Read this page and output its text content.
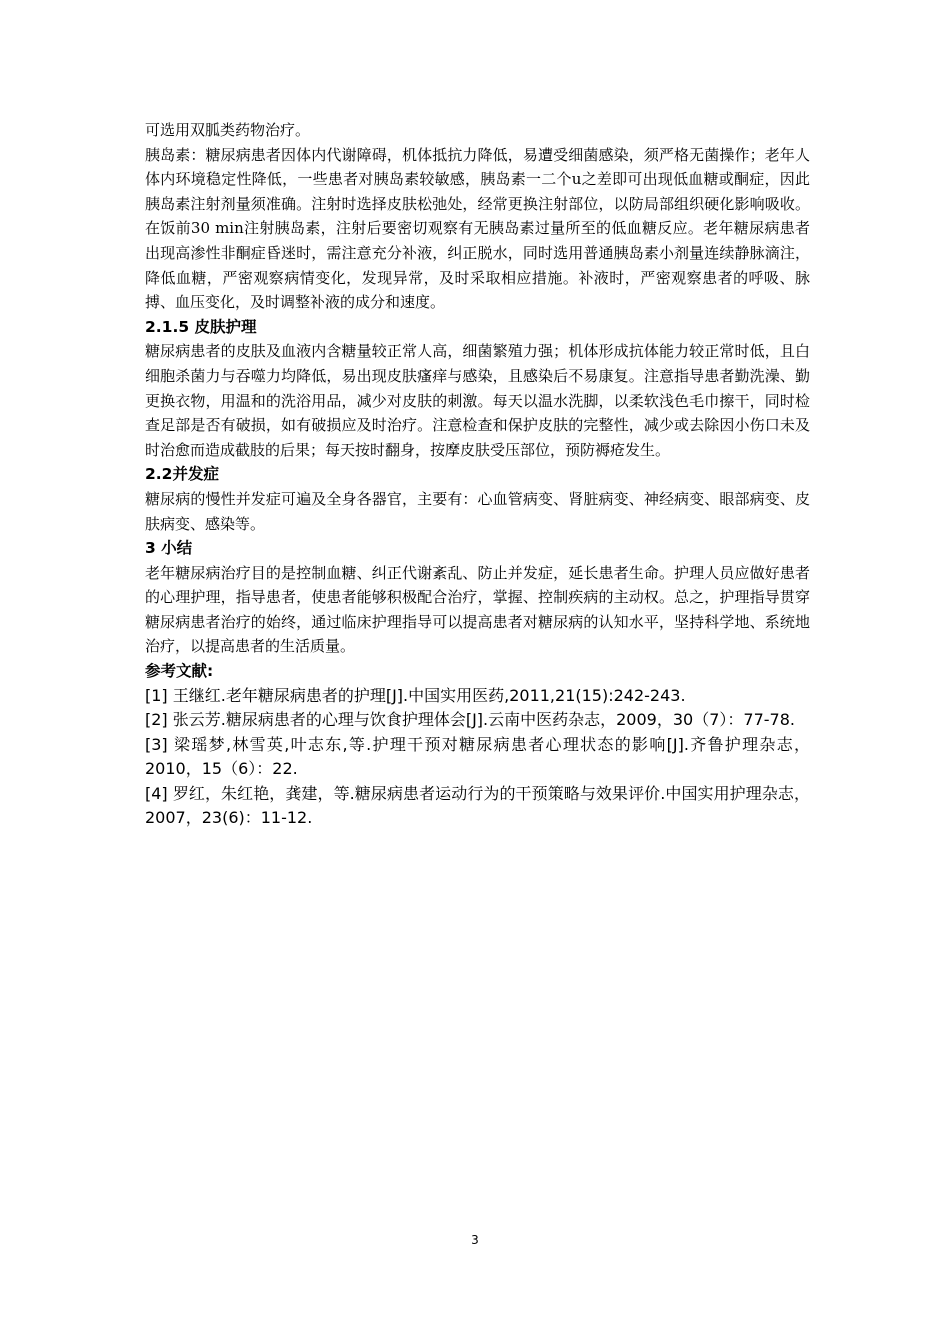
可选用双胍类药物治疗。

胰岛素：糖尿病患者因体内代谢障碍，机体抵抗力降低，易遭受细菌感染，须严格无菌操作；老年人体内环境稳定性降低，一些患者对胰岛素较敏感，胰岛素一二个u之差即可出现低血糖或酮症，因此胰岛素注射剂量须准确。注射时选择皮肤松弛处，经常更换注射部位，以防局部组织硬化影响吸收。在饭前30 min注射胰岛素，注射后要密切观察有无胰岛素过量所至的低血糖反应。老年糖尿病患者出现高渗性非酮症昏迷时，需注意充分补液，纠正脱水，同时选用普通胰岛素小剂量连续静脉滴注，降低血糖，严密观察病情变化，发现异常，及时采取相应措施。补液时，严密观察患者的呼吸、脉搏、血压变化，及时调整补液的成分和速度。

2.1.5 皮肤护理

糖尿病患者的皮肤及血液内含糖量较正常人高，细菌繁殖力强；机体形成抗体能力较正常时低，且白细胞杀菌力与吞噬力均降低，易出现皮肤瘙痒与感染，且感染后不易康复。注意指导患者勤洗澡、勤更换衣物，用温和的洗浴用品，减少对皮肤的刺激。每天以温水洗脚，以柔软浅色毛巾擦干，同时检查足部是否有破损，如有破损应及时治疗。注意检查和保护皮肤的完整性，减少或去除因小伤口未及时治愈而造成截肢的后果；每天按时翻身，按摩皮肤受压部位，预防褥疮发生。

2.2并发症

糖尿病的慢性并发症可遍及全身各器官，主要有：心血管病变、肾脏病变、神经病变、眼部病变、皮肤病变、感染等。

3 小结

老年糖尿病治疗目的是控制血糖、纠正代谢紊乱、防止并发症，延长患者生命。护理人员应做好患者的心理护理，指导患者，使患者能够积极配合治疗，掌握、控制疾病的主动权。总之，护理指导贯穿糖尿病患者治疗的始终，通过临床护理指导可以提高患者对糖尿病的认知水平，坚持科学地、系统地治疗，以提高患者的生活质量。

参考文献:

[1] 王继红.老年糖尿病患者的护理[J].中国实用医药,2011,21(15):242-243.

[2] 张云芳.糖尿病患者的心理与饮食护理体会[J].云南中医药杂志，2009，30（7）：77-78.

[3] 梁瑶梦,林雪英,叶志东,等.护理干预对糖尿病患者心理状态的影响[J].齐鲁护理杂志，2010，15（6）：22.

[4] 罗红，朱红艳，龚建，等.糖尿病患者运动行为的干预策略与效果评价.中国实用护理杂志，2007，23(6)：11-12.

3
